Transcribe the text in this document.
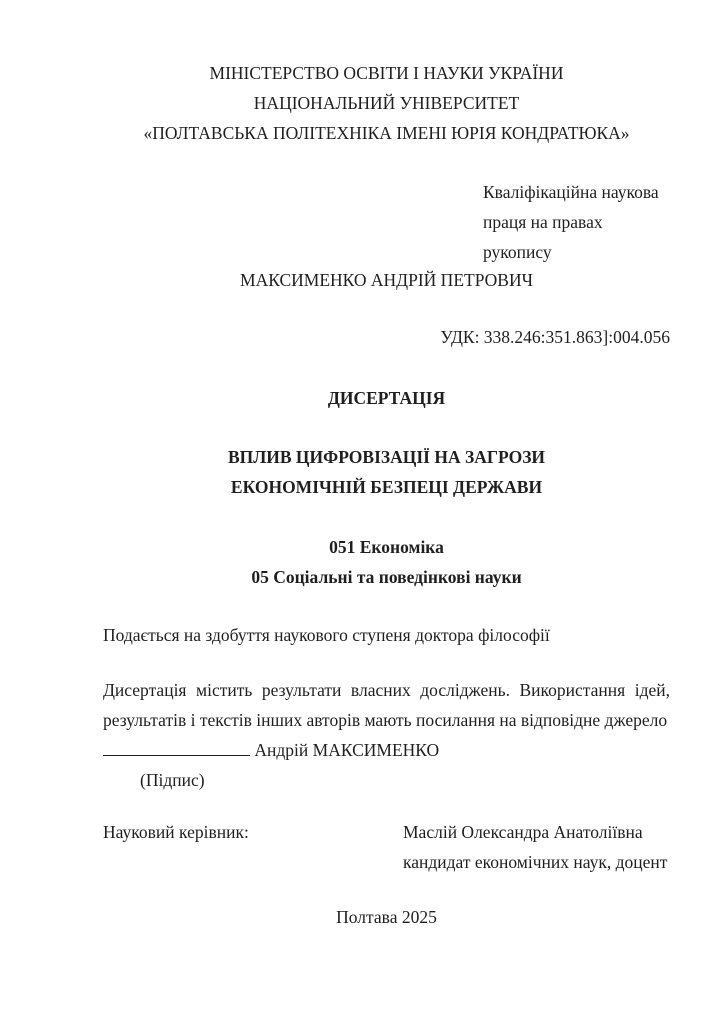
МІНІСТЕРСТВО ОСВІТИ І НАУКИ УКРАЇНИ
НАЦІОНАЛЬНИЙ УНІВЕРСИТЕТ
«ПОЛТАВСЬКА ПОЛІТЕХНІКА ІМЕНІ ЮРІЯ КОНДРАТЮКА»
Кваліфікаційна наукова
праця на правах рукопису
МАКСИМЕНКО АНДРІЙ ПЕТРОВИЧ
УДК: 338.246:351.863]:004.056
ДИСЕРТАЦІЯ
ВПЛИВ ЦИФРОВІЗАЦІЇ НА ЗАГРОЗИ
ЕКОНОМІЧНІЙ БЕЗПЕЦІ ДЕРЖАВИ
051 Економіка
05 Соціальні та поведінкові науки
Подається на здобуття наукового ступеня доктора філософії
Дисертація містить результати власних досліджень. Використання ідей, результатів і текстів інших авторів мають посилання на відповідне джерело
Андрій МАКСИМЕНКО
(Підпис)
Науковий керівник:	Маслій Олександра Анатоліївна
кандидат економічних наук, доцент
Полтава 2025
